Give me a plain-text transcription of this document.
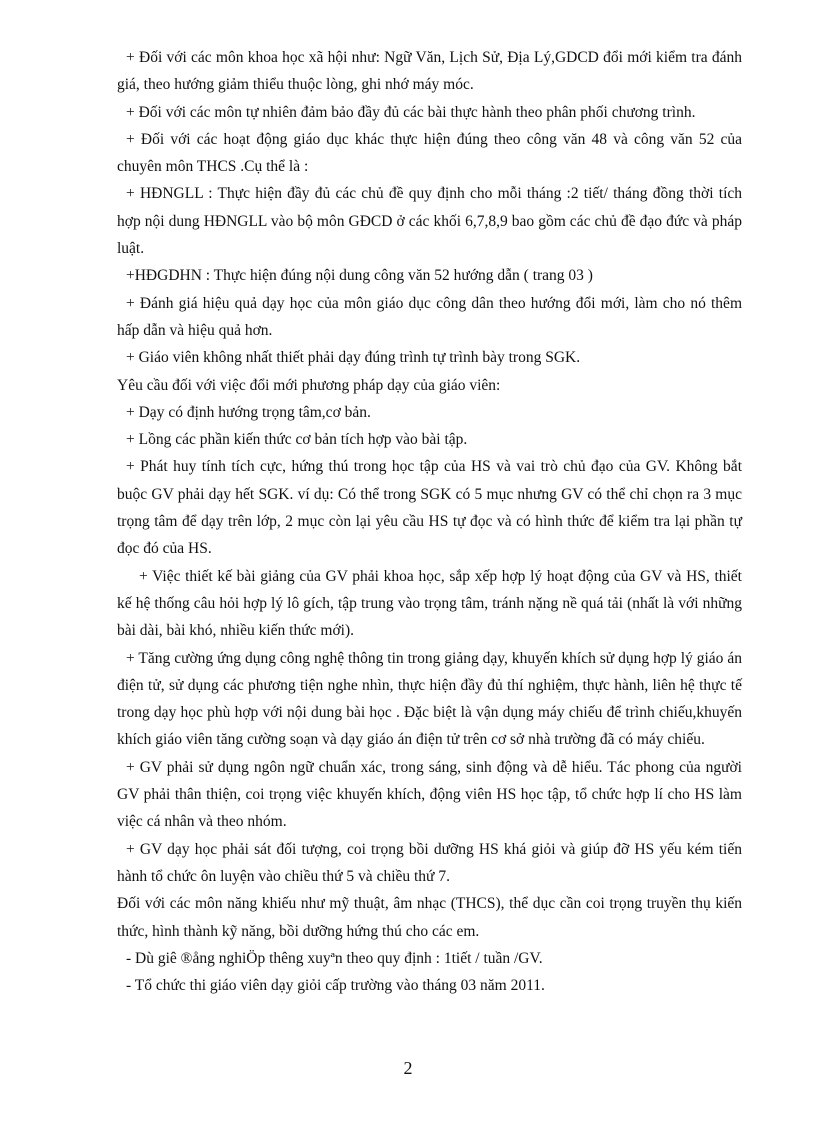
+ Đối với các môn khoa học xã hội như: Ngữ Văn, Lịch Sử, Địa Lý,GDCD đổi mới kiểm tra đánh giá, theo hướng giảm thiểu thuộc lòng, ghi nhớ máy móc.

+ Đối với các môn tự nhiên đảm bảo đầy đủ các bài thực hành theo phân phối chương trình.

+ Đối với các hoạt động giáo dục khác thực hiện đúng theo công văn 48 và công văn 52 của chuyên môn THCS .Cụ thể là :

+ HĐNGLL : Thực hiện đầy đủ các chủ đề quy định cho mỗi tháng :2 tiết/ tháng đồng thời tích hợp nội dung HĐNGLL vào bộ môn GĐCD ở các khối 6,7,8,9 bao gồm các chủ đề đạo đức và pháp luật.

+HĐGDHN : Thực hiện đúng nội dung công văn 52 hướng dẫn ( trang 03 )

+ Đánh giá hiệu quả dạy học của môn giáo dục công dân theo hướng đổi mới, làm cho nó thêm hấp dẫn và hiệu quả hơn.

+ Giáo viên không nhất thiết phải dạy đúng trình tự trình bày trong SGK.

Yêu cầu đối với việc đổi mới phương pháp dạy của giáo viên:

+ Dạy có định hướng trọng tâm,cơ bản.

+ Lồng các phần kiến thức cơ bản tích hợp vào bài tập.

+ Phát huy tính tích cực, hứng thú trong học tập của HS và vai trò chủ đạo của GV. Không bắt buộc GV phải dạy hết SGK. ví dụ: Có thể trong SGK có 5 mục nhưng GV có thể chỉ chọn ra 3 mục trọng tâm để dạy trên lớp, 2 mục còn lại yêu cầu HS tự đọc và có hình thức để kiểm tra lại phần tự đọc đó của HS.

+ Việc thiết kế bài giảng của GV phải khoa học, sắp xếp hợp lý hoạt động của GV và HS, thiết kế hệ thống câu hỏi hợp lý lô gích, tập trung vào trọng tâm, tránh nặng nề quá tải (nhất là với những bài dài, bài khó, nhiều kiến thức mới).

+ Tăng cường ứng dụng công nghệ thông tin trong giảng dạy, khuyến khích sử dụng hợp lý giáo án điện tử, sử dụng các phương tiện nghe nhìn, thực hiện đầy đủ thí nghiệm, thực hành, liên hệ thực tế trong dạy học phù hợp với nội dung bài học . Đặc biệt là vận dụng máy chiếu để trình chiếu,khuyến khích giáo viên tăng cường soạn và dạy giáo án điện tử trên cơ sở nhà trường đã có máy chiếu.

+ GV phải sử dụng ngôn ngữ chuẩn xác, trong sáng, sinh động và dễ hiểu. Tác phong của người GV phải thân thiện, coi trọng việc khuyến khích, động viên HS học tập, tổ chức hợp lí cho HS làm việc cá nhân và theo nhóm.

+ GV dạy học phải sát đối tượng, coi trọng bồi dưỡng HS khá giỏi và giúp đỡ HS yếu kém tiến hành tổ chức ôn luyện vào chiều thứ 5 và chiều thứ 7.

Đối với các môn năng khiếu như mỹ thuật, âm nhạc (THCS), thể dục cần coi trọng truyền thụ kiến thức, hình thành kỹ năng, bồi dưỡng hứng thú cho các em.

- Dù giê ®ång nghiÖp thêng xuyªn theo quy định : 1tiết / tuần /GV.

- Tổ chức thi giáo viên dạy giỏi cấp trường vào tháng 03 năm 2011.

2
